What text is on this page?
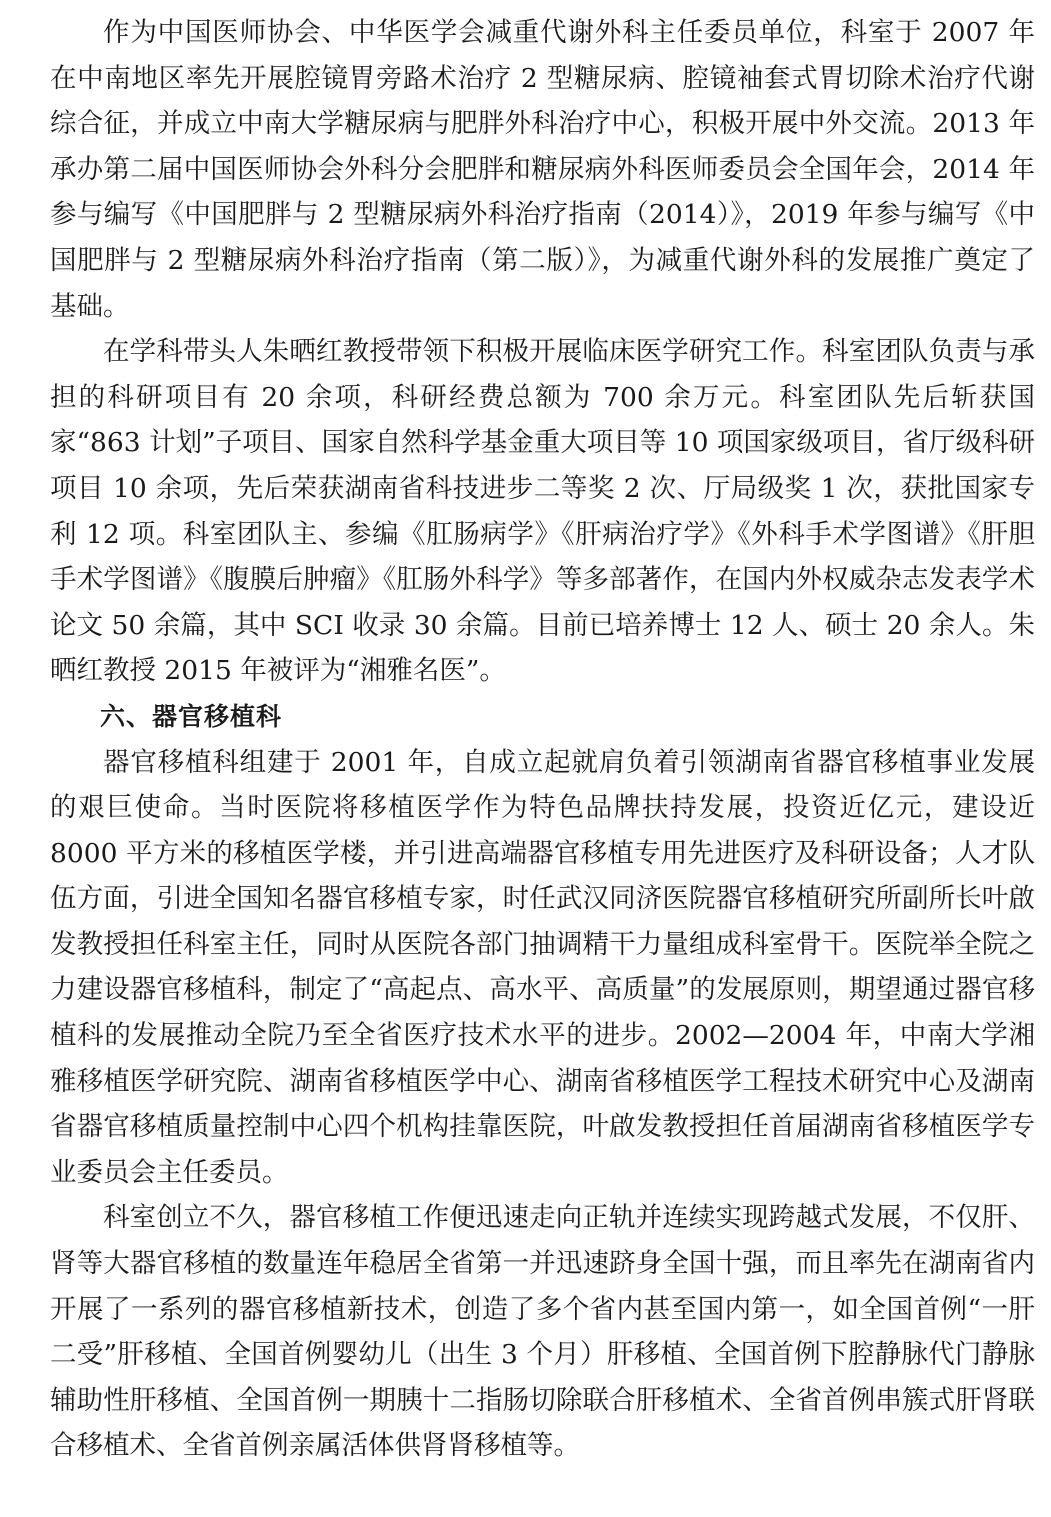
作为中国医师协会、中华医学会减重代谢外科主任委员单位，科室于 2007 年在中南地区率先开展腔镜胃旁路术治疗 2 型糖尿病、腔镜袖套式胃切除术治疗代谢综合征，并成立中南大学糖尿病与肥胖外科治疗中心，积极开展中外交流。2013 年承办第二届中国医师协会外科分会肥胖和糖尿病外科医师委员会全国年会，2014 年参与编写《中国肥胖与 2 型糖尿病外科治疗指南（2014）》，2019 年参与编写《中国肥胖与 2 型糖尿病外科治疗指南（第二版）》，为减重代谢外科的发展推广奠定了基础。

在学科带头人朱晒红教授带领下积极开展临床医学研究工作。科室团队负责与承担的科研项目有 20 余项，科研经费总额为 700 余万元。科室团队先后斩获国家“863 计划”子项目、国家自然科学基金重大项目等 10 项国家级项目，省厅级科研项目 10 余项，先后荣获湖南省科技进步二等奖 2 次、厅局级奖 1 次，获批国家专利 12 项。科室团队主、参编《肛肠病学》《肝病治疗学》《外科手术学图谱》《肝胆手术学图谱》《腹膜后肿瘤》《肛肠外科学》等多部著作，在国内外权威杂志发表学术论文 50 余篇，其中 SCI 收录 30 余篇。目前已培养博士 12 人、硕士 20 余人。朱晒红教授 2015 年被评为“湘雅名医”。

六、器官移植科

器官移植科组建于 2001 年，自成立起就肩负着引领湖南省器官移植事业发展的艰巨使命。当时医院将移植医学作为特色品牌扶持发展，投资近亿元，建设近 8000 平方米的移植医学楼，并引进高端器官移植专用先进医疗及科研设备；人才队伍方面，引进全国知名器官移植专家，时任武汉同济医院器官移植研究所副所长叶啟发教授担任科室主任，同时从医院各部门抽调精干力量组成科室骨干。医院举全院之力建设器官移植科，制定了“高起点、高水平、高质量”的发展原则，期望通过器官移植科的发展推动全院乃至全省医疗技术水平的进步。2002—2004 年，中南大学湘雅移植医学研究院、湖南省移植医学中心、湖南省移植医学工程技术研究中心及湖南省器官移植质量控制中心四个机构挂靠医院，叶啟发教授担任首届湖南省移植医学专业委员会主任委员。

科室创立不久，器官移植工作便迅速走向正轨并连续实现跨越式发展，不仅肝、肾等大器官移植的数量连年稳居全省第一并迅速跻身全国十强，而且率先在湖南省内开展了一系列的器官移植新技术，创造了多个省内甚至国内第一，如全国首例“一肝二受”肝移植、全国首例婴幼儿（出生 3 个月）肝移植、全国首例下腔静脉代门静脉辅助性肝移植、全国首例一期胰十二指肠切除联合肝移植术、全省首例串簇式肝肾联合移植术、全省首例亲属活体供肾肾移植等。
